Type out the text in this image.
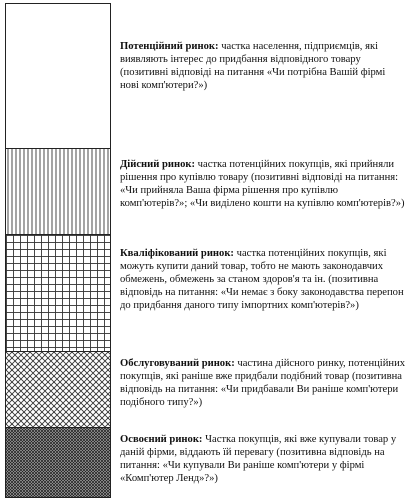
Потенційний ринок: частка населення, підприємців, які виявляють інтерес до придбання відповідного товару (позитивні відповіді на питання «Чи потрібна Вашій фірмі нові комп'ютери?»)

Дійсний ринок: частка потенційних покупців, які прийняли рішення про купівлю товару (позитивні відповіді на питання: «Чи прийняла Ваша фірма рішення про купівлю комп'ютерів?»; «Чи виділено кошти на купівлю комп'ютерів?»)

Кваліфікований ринок: частка потенційних покупців, які можуть купити даний товар, тобто не мають законодавчих обмежень, обмежень за станом здоров'я та ін. (позитивна відповідь на питання: «Чи немає з боку законодавства перепон до придбання даного типу імпортних комп'ютерів?»)

Обслуговуваний ринок: частина дійсного ринку, потенційних покупців, які раніше вже придбали подібний товар (позитивна відповідь на питання: «Чи придбавали Ви раніше комп'ютери подібного типу?»)

Освоєний ринок: Частка покупців, які вже купували товар у даній фірми, віддають їй перевагу (позитивна відповідь на питання: «Чи купували Ви раніше комп'ютери у фірмі «Комп'ютер Ленд»?»)
